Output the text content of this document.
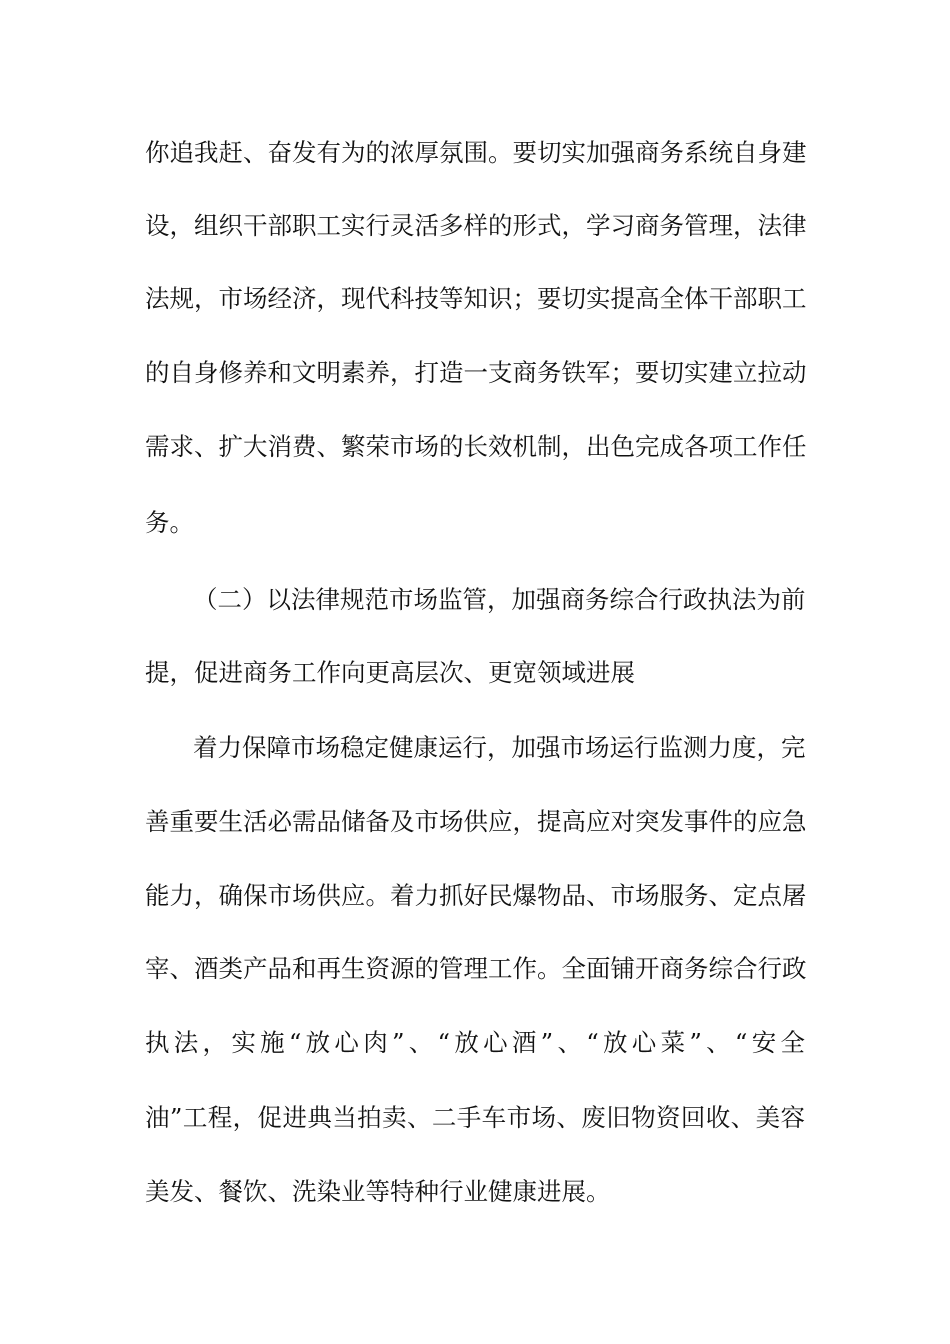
你追我赶、奋发有为的浓厚氛围。要切实加强商务系统自身建
设，组织干部职工实行灵活多样的形式，学习商务管理，法律
法规，市场经济，现代科技等知识；要切实提高全体干部职工
的自身修养和文明素养，打造一支商务铁军；要切实建立拉动
需求、扩大消费、繁荣市场的长效机制，出色完成各项工作任
务。
（二）以法律规范市场监管，加强商务综合行政执法为前
提，促进商务工作向更高层次、更宽领域进展
着力保障市场稳定健康运行，加强市场运行监测力度，完
善重要生活必需品储备及市场供应，提高应对突发事件的应急
能力，确保市场供应。着力抓好民爆物品、市场服务、定点屠
宰、酒类产品和再生资源的管理工作。全面铺开商务综合行政
执法，实施“放心肉”、“放心酒”、“放心菜”、“安全
油”工程，促进典当拍卖、二手车市场、废旧物资回收、美容
美发、餐饮、洗染业等特种行业健康进展。
